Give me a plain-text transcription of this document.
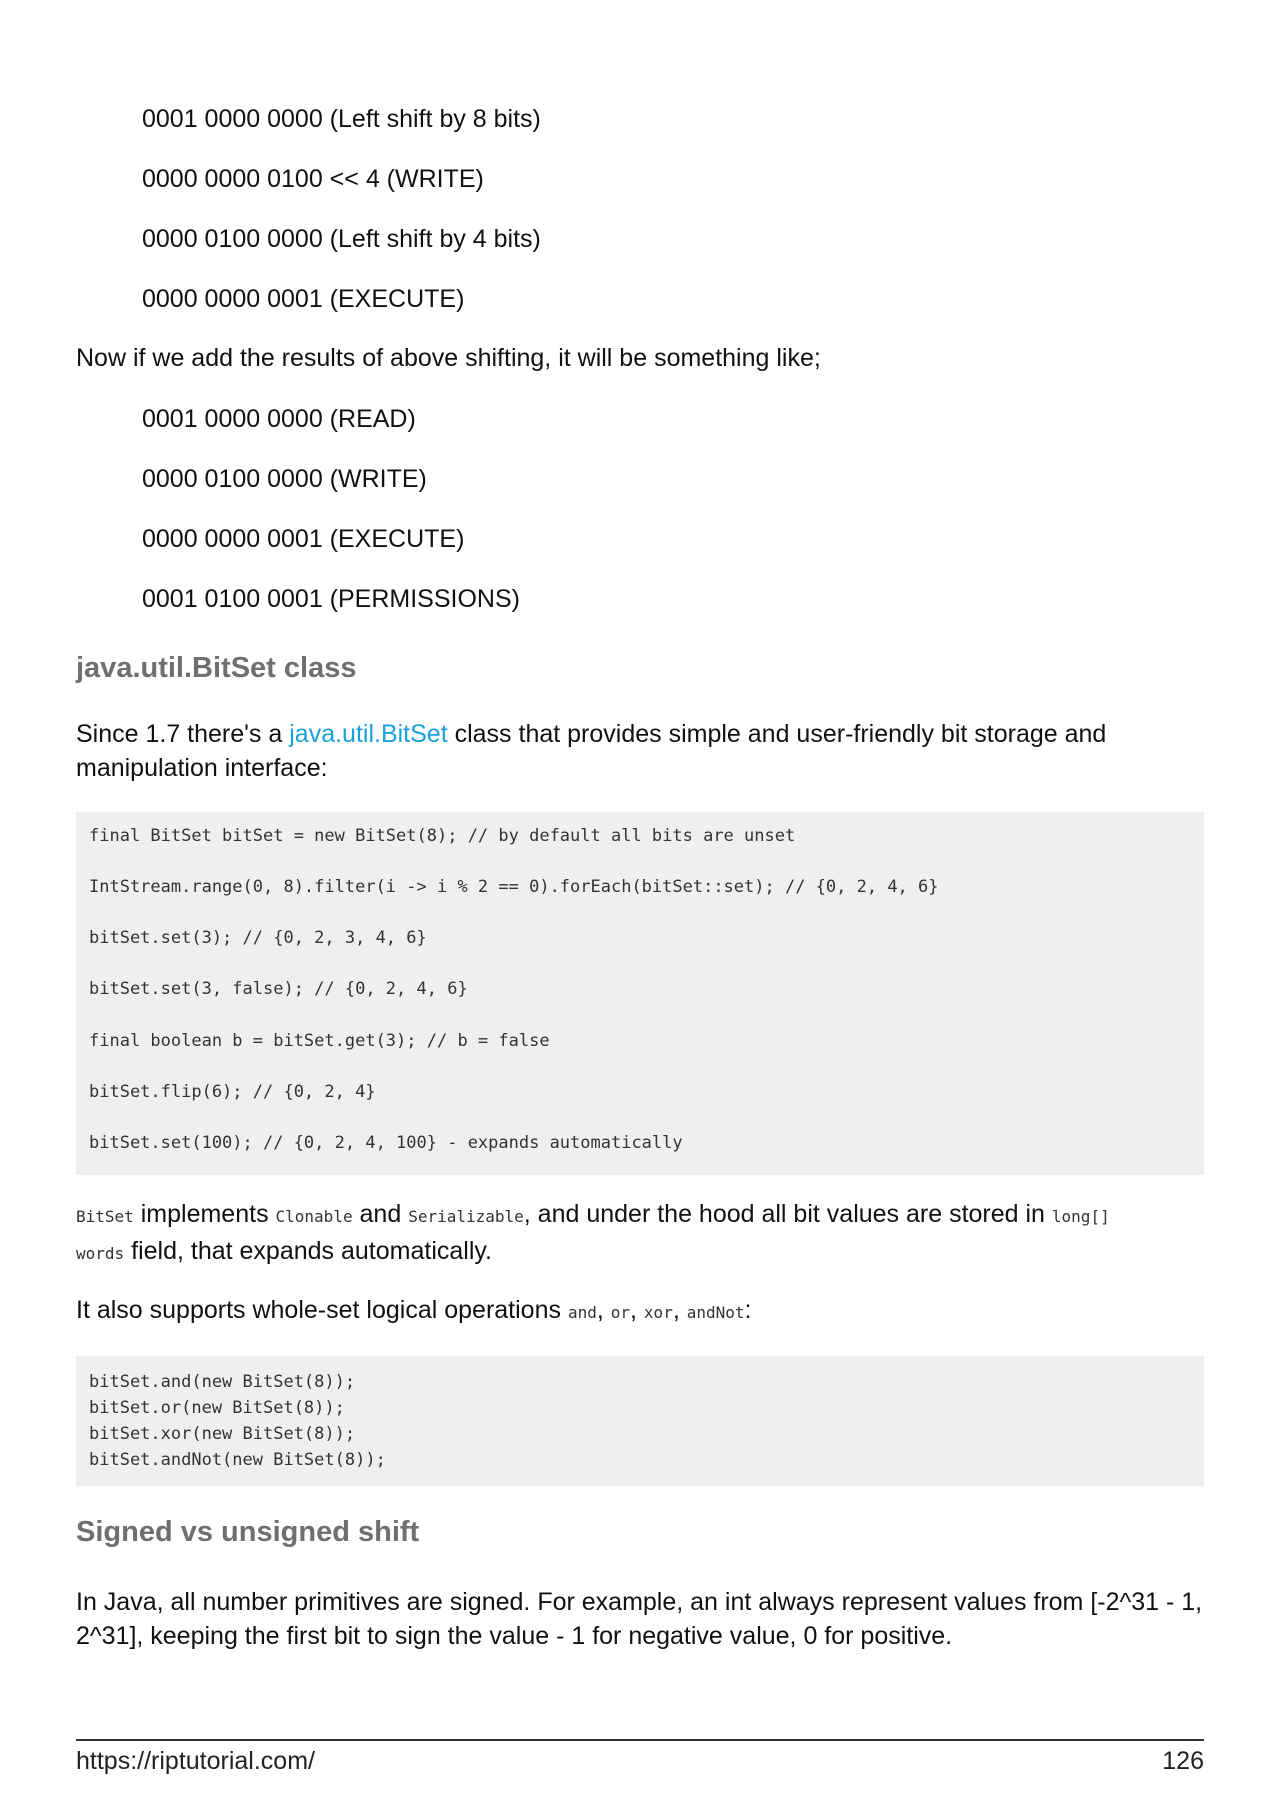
0001 0000 0000 (Left shift by 8 bits)
0000 0000 0100 << 4 (WRITE)
0000 0100 0000 (Left shift by 4 bits)
0000 0000 0001 (EXECUTE)
Now if we add the results of above shifting, it will be something like;
0001 0000 0000 (READ)
0000 0100 0000 (WRITE)
0000 0000 0001 (EXECUTE)
0001 0100 0001 (PERMISSIONS)
java.util.BitSet class
Since 1.7 there's a java.util.BitSet class that provides simple and user-friendly bit storage and manipulation interface:
final BitSet bitSet = new BitSet(8); // by default all bits are unset
IntStream.range(0, 8).filter(i -> i % 2 == 0).forEach(bitSet::set); // {0, 2, 4, 6}
bitSet.set(3); // {0, 2, 3, 4, 6}
bitSet.set(3, false); // {0, 2, 4, 6}
final boolean b = bitSet.get(3); // b = false
bitSet.flip(6); // {0, 2, 4}
bitSet.set(100); // {0, 2, 4, 100} - expands automatically
BitSet implements Clonable and Serializable, and under the hood all bit values are stored in long[]
words field, that expands automatically.
It also supports whole-set logical operations and, or, xor, andNot:
bitSet.and(new BitSet(8));
bitSet.or(new BitSet(8));
bitSet.xor(new BitSet(8));
bitSet.andNot(new BitSet(8));
Signed vs unsigned shift
In Java, all number primitives are signed. For example, an int always represent values from [-2^31 - 1, 2^31], keeping the first bit to sign the value - 1 for negative value, 0 for positive.
https://riptutorial.com/	126
